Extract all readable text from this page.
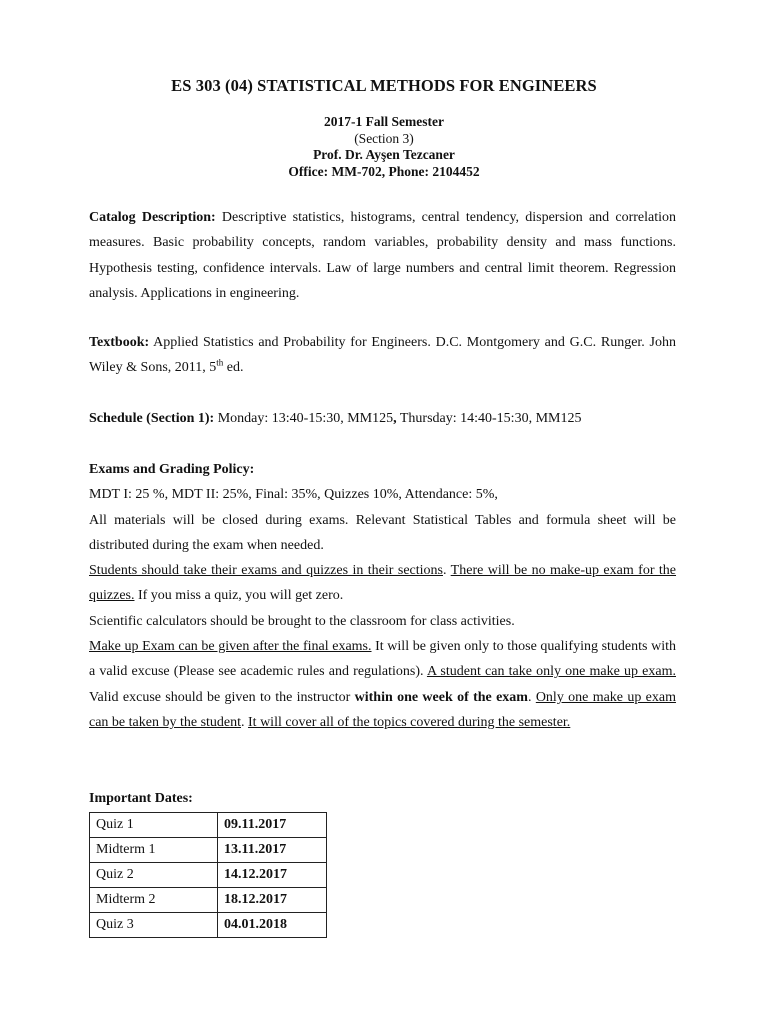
ES 303 (04) STATISTICAL METHODS FOR ENGINEERS
2017-1 Fall Semester
(Section 3)
Prof. Dr. Ayşen Tezcaner
Office: MM-702, Phone: 2104452
Catalog Description: Descriptive statistics, histograms, central tendency, dispersion and correlation measures. Basic probability concepts, random variables, probability density and mass functions. Hypothesis testing, confidence intervals. Law of large numbers and central limit theorem. Regression analysis. Applications in engineering.
Textbook: Applied Statistics and Probability for Engineers. D.C. Montgomery and G.C. Runger. John Wiley & Sons, 2011, 5th ed.
Schedule (Section 1): Monday: 13:40-15:30, MM125, Thursday: 14:40-15:30, MM125

Exams and Grading Policy:

MDT I: 25 %, MDT II: 25%, Final: 35%, Quizzes 10%, Attendance: 5%,

All materials will be closed during exams. Relevant Statistical Tables and formula sheet will be distributed during the exam when needed.

Students should take their exams and quizzes in their sections. There will be no make-up exam for the quizzes. If you miss a quiz, you will get zero.

Scientific calculators should be brought to the classroom for class activities.

Make up Exam can be given after the final exams. It will be given only to those qualifying students with a valid excuse (Please see academic rules and regulations). A student can take only one make up exam. Valid excuse should be given to the instructor within one week of the exam. Only one make up exam can be taken by the student. It will cover all of the topics covered during the semester.

Important Dates:
Quiz 1	09.11.2017
Midterm 1	13.11.2017
Quiz 2	14.12.2017
Midterm 2	18.12.2017
Quiz 3	04.01.2018
